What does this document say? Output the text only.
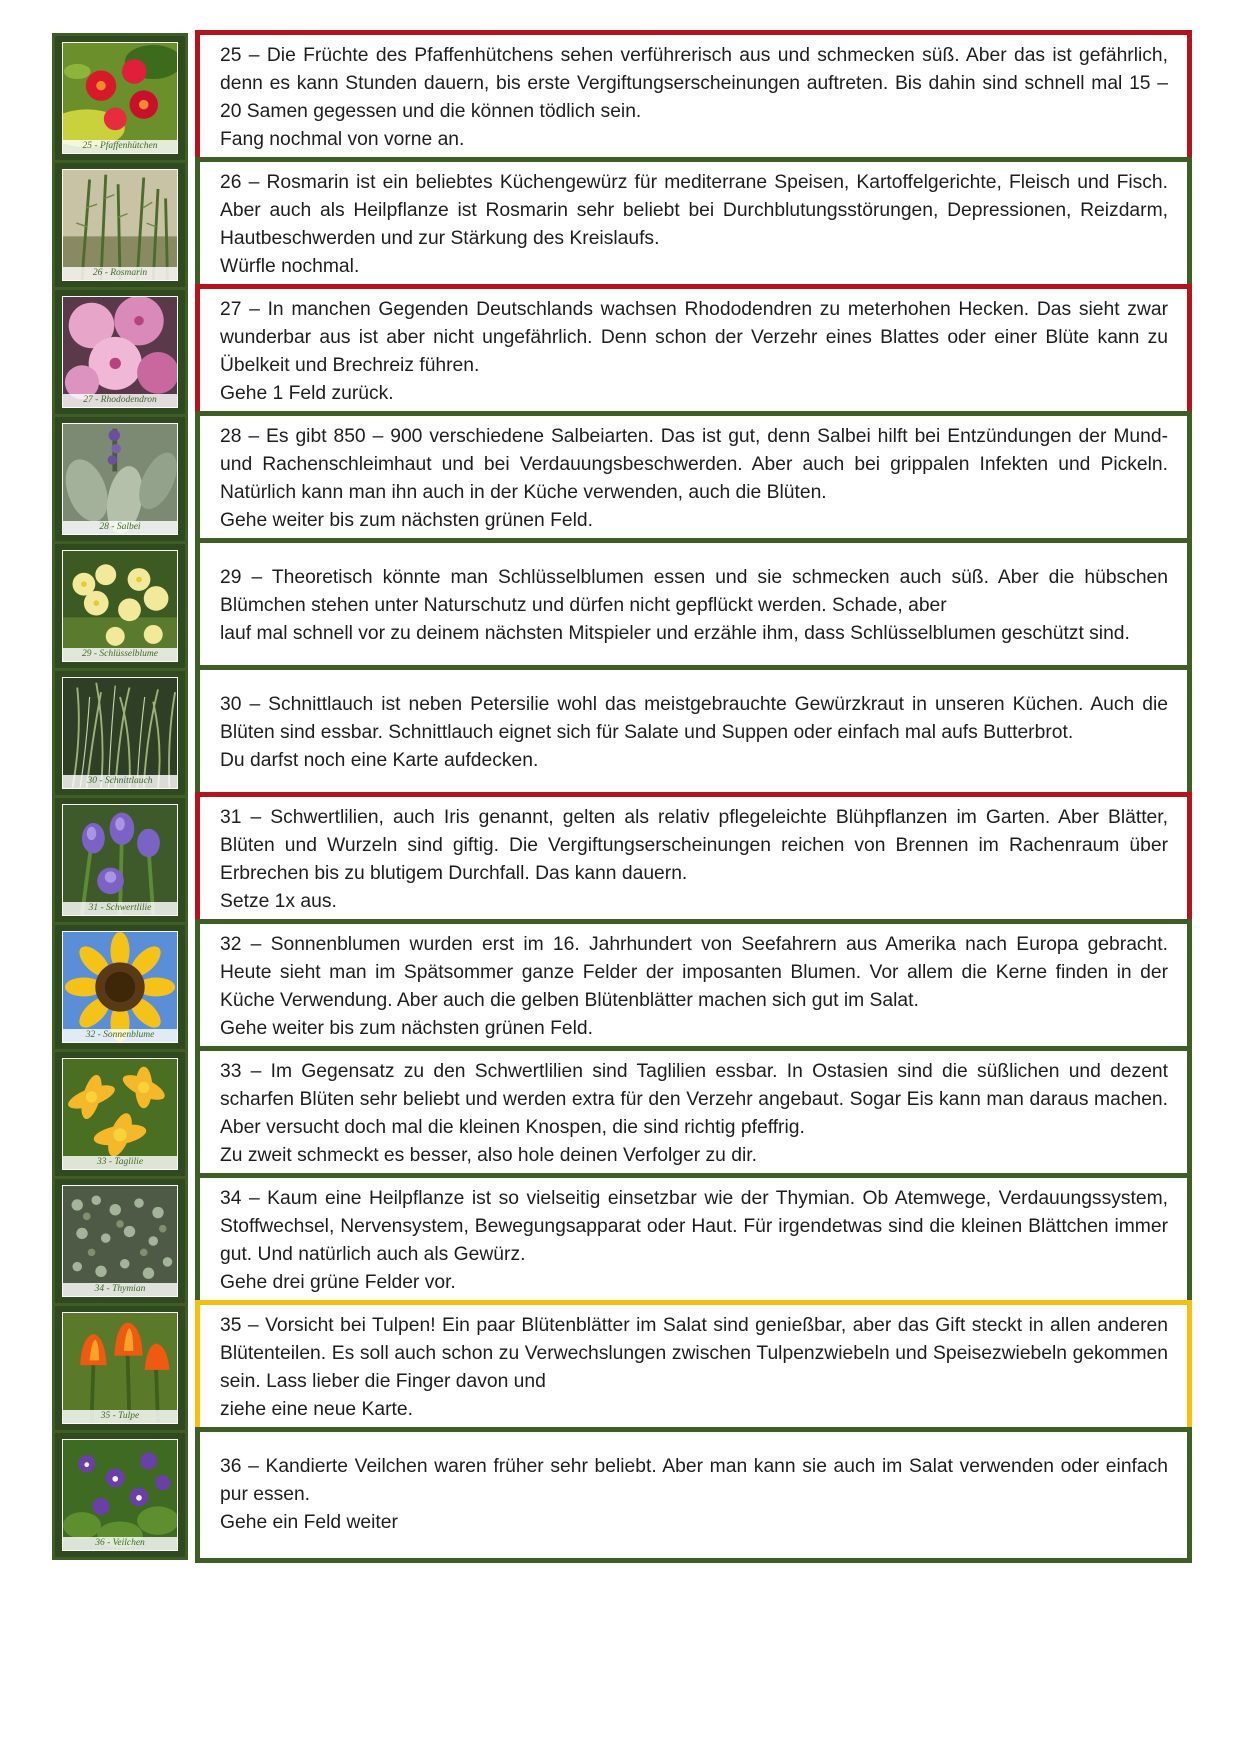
25 - Pfaffenhütchen
25 – Die Früchte des Pfaffenhütchens sehen verführerisch aus und schmecken süß. Aber das ist gefährlich, denn es kann Stunden dauern, bis erste Vergiftungserscheinungen auftreten. Bis dahin sind schnell mal 15 – 20 Samen gegessen und die können tödlich sein.
Fang nochmal von vorne an.
26 - Rosmarin
26 – Rosmarin ist ein beliebtes Küchengewürz für mediterrane Speisen, Kartoffelgerichte, Fleisch und Fisch. Aber auch als Heilpflanze ist Rosmarin sehr beliebt bei Durchblutungsstörungen, Depressionen, Reizdarm, Hautbeschwerden und zur Stärkung des Kreislaufs.
Würfle nochmal.
27 - Rhododendron
27 – In manchen Gegenden Deutschlands wachsen Rhododendren zu meterhohen Hecken. Das sieht zwar wunderbar aus ist aber nicht ungefährlich. Denn schon der Verzehr eines Blattes oder einer Blüte kann zu Übelkeit und Brechreiz führen.
Gehe 1 Feld zurück.
28 - Salbei
28 – Es gibt 850 – 900 verschiedene Salbeiarten. Das ist gut, denn Salbei hilft bei Entzündungen der Mund- und Rachenschleimhaut und bei Verdauungsbeschwerden. Aber auch bei grippalen Infekten und Pickeln. Natürlich kann man ihn auch in der Küche verwenden, auch die Blüten.
Gehe weiter bis zum nächsten grünen Feld.
29 - Schlüsselblume
29 – Theoretisch könnte man Schlüsselblumen essen und sie schmecken auch süß. Aber die hübschen Blümchen stehen unter Naturschutz und dürfen nicht gepflückt werden. Schade, aber
lauf mal schnell vor zu deinem nächsten Mitspieler und erzähle ihm, dass Schlüsselblumen geschützt sind.
30 - Schnittlauch
30 – Schnittlauch ist neben Petersilie wohl das meistgebrauchte Gewürzkraut in unseren Küchen. Auch die Blüten sind essbar. Schnittlauch eignet sich für Salate und Suppen oder einfach mal aufs Butterbrot.
Du darfst noch eine Karte aufdecken.
31 - Schwertlilie
31 – Schwertlilien, auch Iris genannt, gelten als relativ pflegeleichte Blühpflanzen im Garten. Aber Blätter, Blüten und Wurzeln sind giftig. Die Vergiftungserscheinungen reichen von Brennen im Rachenraum über Erbrechen bis zu blutigem Durchfall. Das kann dauern.
Setze 1x aus.
32 - Sonnenblume
32 – Sonnenblumen wurden erst im 16. Jahrhundert von Seefahrern aus Amerika nach Europa gebracht. Heute sieht man im Spätsommer ganze Felder der imposanten Blumen. Vor allem die Kerne finden in der Küche Verwendung. Aber auch die gelben Blütenblätter machen sich gut im Salat.
Gehe weiter bis zum nächsten grünen Feld.
33 - Taglilie
33 – Im Gegensatz zu den Schwertlilien sind Taglilien essbar. In Ostasien sind die süßlichen und dezent scharfen Blüten sehr beliebt und werden extra für den Verzehr angebaut. Sogar Eis kann man daraus machen. Aber versucht doch mal die kleinen Knospen, die sind richtig pfeffrig.
Zu zweit schmeckt es besser, also hole deinen Verfolger zu dir.
34 - Thymian
34 – Kaum eine Heilpflanze ist so vielseitig einsetzbar wie der Thymian. Ob Atemwege, Verdauungssystem, Stoffwechsel, Nervensystem, Bewegungsapparat oder Haut. Für irgendetwas sind die kleinen Blättchen immer gut. Und natürlich auch als Gewürz.
Gehe drei grüne Felder vor.
35 - Tulpe
35 – Vorsicht bei Tulpen! Ein paar Blütenblätter im Salat sind genießbar, aber das Gift steckt in allen anderen Blütenteilen. Es soll auch schon zu Verwechslungen zwischen Tulpenzwiebeln und Speisezwiebeln gekommen sein. Lass lieber die Finger davon und
ziehe eine neue Karte.
36 - Veilchen
36 – Kandierte Veilchen waren früher sehr beliebt. Aber man kann sie auch im Salat verwenden oder einfach pur essen.
Gehe ein Feld weiter
